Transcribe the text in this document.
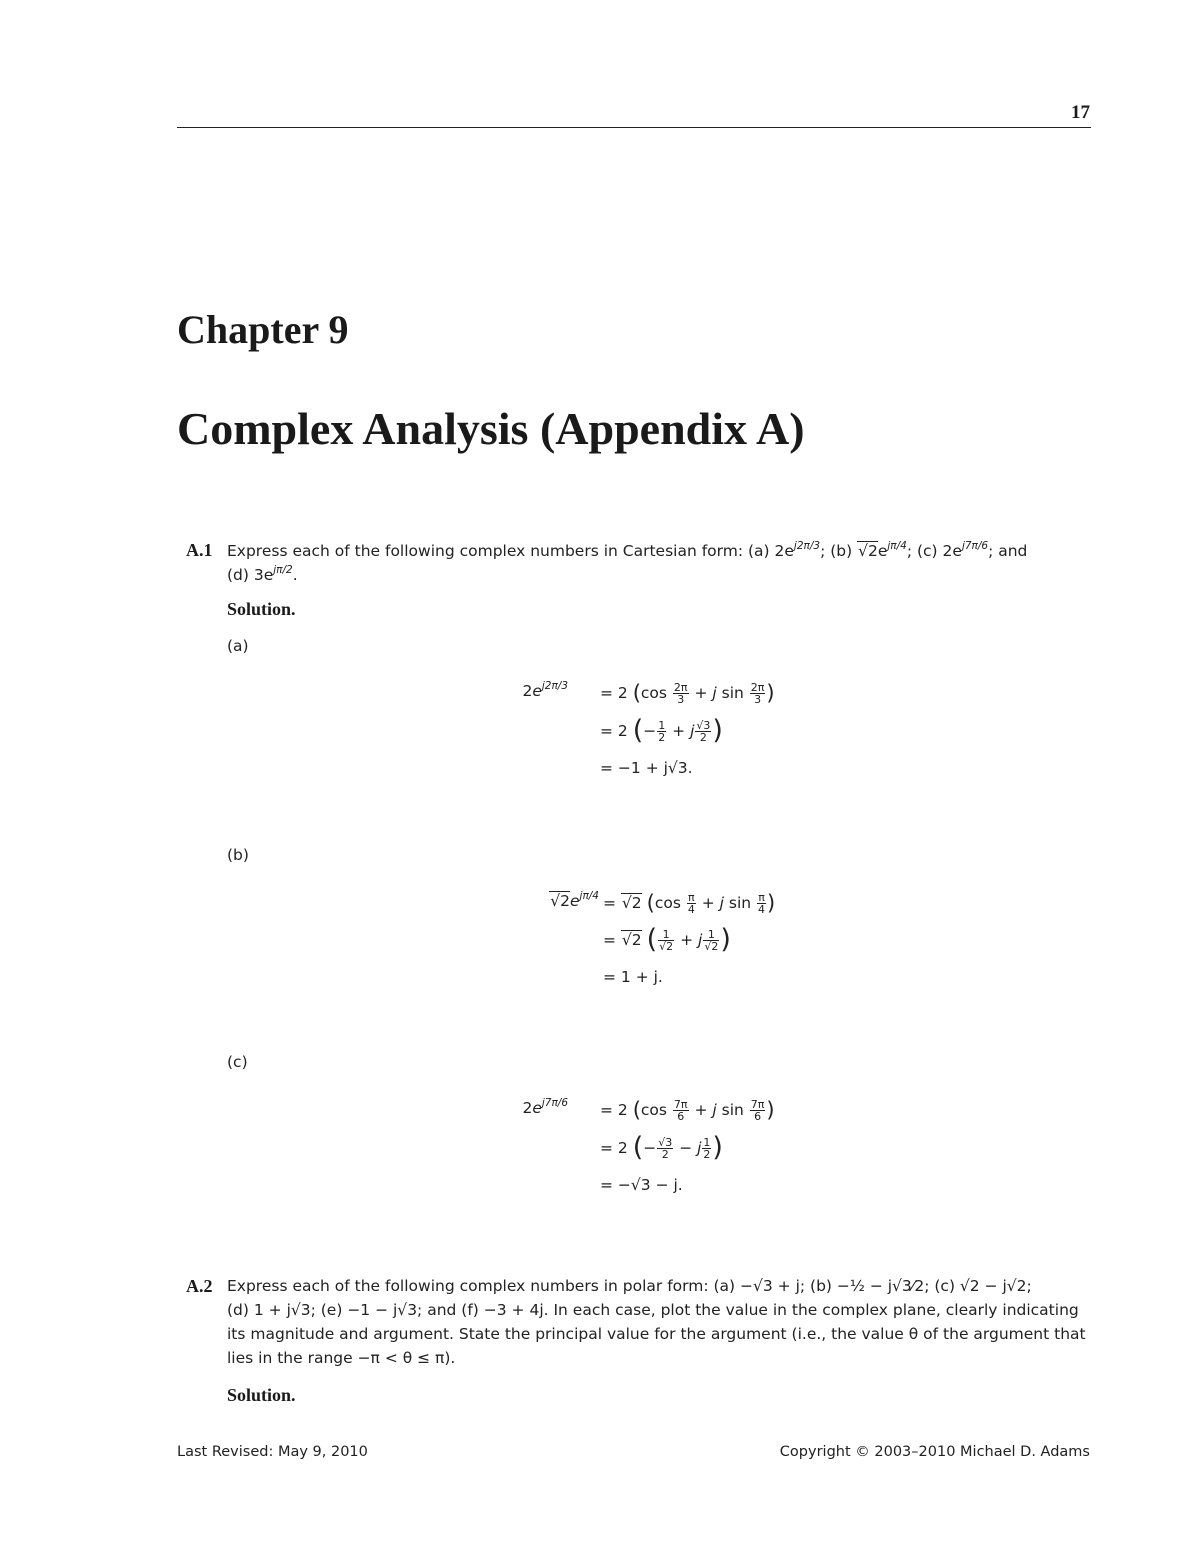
17
Chapter 9
Complex Analysis (Appendix A)
A.1 Express each of the following complex numbers in Cartesian form: (a) $2e^{j2\pi/3}$; (b) $√2e^{j\pi/4}$; (c) $2e^{j7\pi/6}$; and
(d) $3e^{j\pi/2}$.
Solution.
(a)
$2e^{j2\pi/3} = 2$ ($\cos \frac{2\pi}{3} + j$ $\sin \frac{2\pi}{3}$ )
= 2 (− $\frac{1}{2} + j \frac{√3}{2}$ )
= −1 + j√3.
(b)
$√2e^{j\pi/4} = √2$ ($\cos \frac{\pi}{4} + j$ $\sin \frac{\pi}{4}$ )
= √2 ( $\frac{1}{√2} + j \frac{1}{√2}$ )
= 1 + j.
(c)
$2e^{j7\pi/6} = 2$ ($\cos \frac{7\pi}{6} + j$ $\sin \frac{7\pi}{6}$ )
= 2 (− $\frac{√3}{2} - j \frac{1}{2}$ )
= −√3 − j.
A.2 Express each of the following complex numbers in polar form: (a) −√3 + j; (b) −½ − j√3⁄2; (c) √2 − j√2;
(d) 1 + j√3; (e) −1 − j√3; and (f) −3 + 4j. In each case, plot the value in the complex plane, clearly indicating
its magnitude and argument. State the principal value for the argument (i.e., the value θ of the argument that
lies in the range −π < θ ≤ π).
Solution.
Last Revised: May 9, 2010	Copyright © 2003–2010 Michael D. Adams
